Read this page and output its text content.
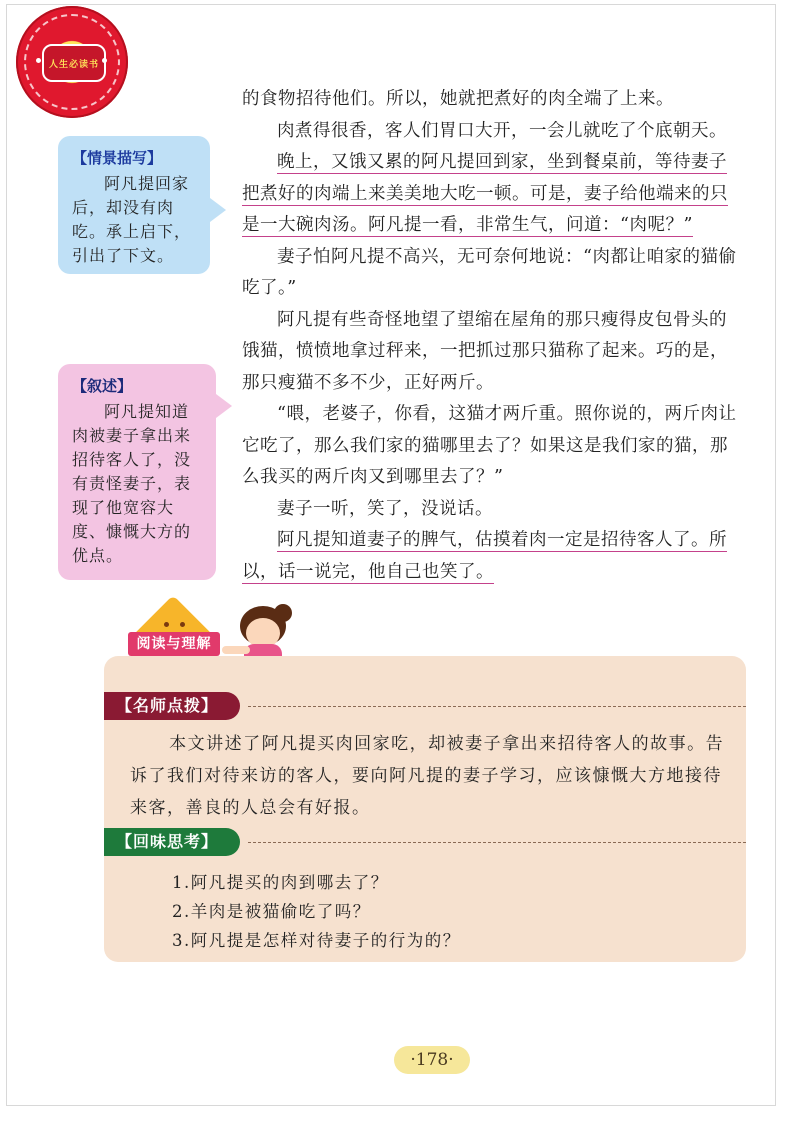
人生必读书
【情景描写】
阿凡提回家后，却没有肉吃。承上启下，引出了下文。
【叙述】
阿凡提知道肉被妻子拿出来招待客人了，没有责怪妻子，表现了他宽容大度、慷慨大方的优点。

的食物招待他们。所以，她就把煮好的肉全端了上来。

肉煮得很香，客人们胃口大开，一会儿就吃了个底朝天。

晚上，又饿又累的阿凡提回到家，坐到餐桌前，等待妻子把煮好的肉端上来美美地大吃一顿。可是，妻子给他端来的只是一大碗肉汤。阿凡提一看，非常生气，问道：“肉呢？”

妻子怕阿凡提不高兴，无可奈何地说：“肉都让咱家的猫偷吃了。”

阿凡提有些奇怪地望了望缩在屋角的那只瘦得皮包骨头的饿猫，愤愤地拿过秤来，一把抓过那只猫称了起来。巧的是，那只瘦猫不多不少，正好两斤。

“喂，老婆子，你看，这猫才两斤重。照你说的，两斤肉让它吃了，那么我们家的猫哪里去了？如果这是我们家的猫，那么我买的两斤肉又到哪里去了？”

妻子一听，笑了，没说话。

阿凡提知道妻子的脾气，估摸着肉一定是招待客人了。所以，话一说完，他自己也笑了。

阅读与理解
【名师点拨】
本文讲述了阿凡提买肉回家吃，却被妻子拿出来招待客人的故事。告诉了我们对待来访的客人，要向阿凡提的妻子学习，应该慷慨大方地接待来客，善良的人总会有好报。
【回味思考】
1.阿凡提买的肉到哪去了？
2.羊肉是被猫偷吃了吗？
3.阿凡提是怎样对待妻子的行为的？
·178·
